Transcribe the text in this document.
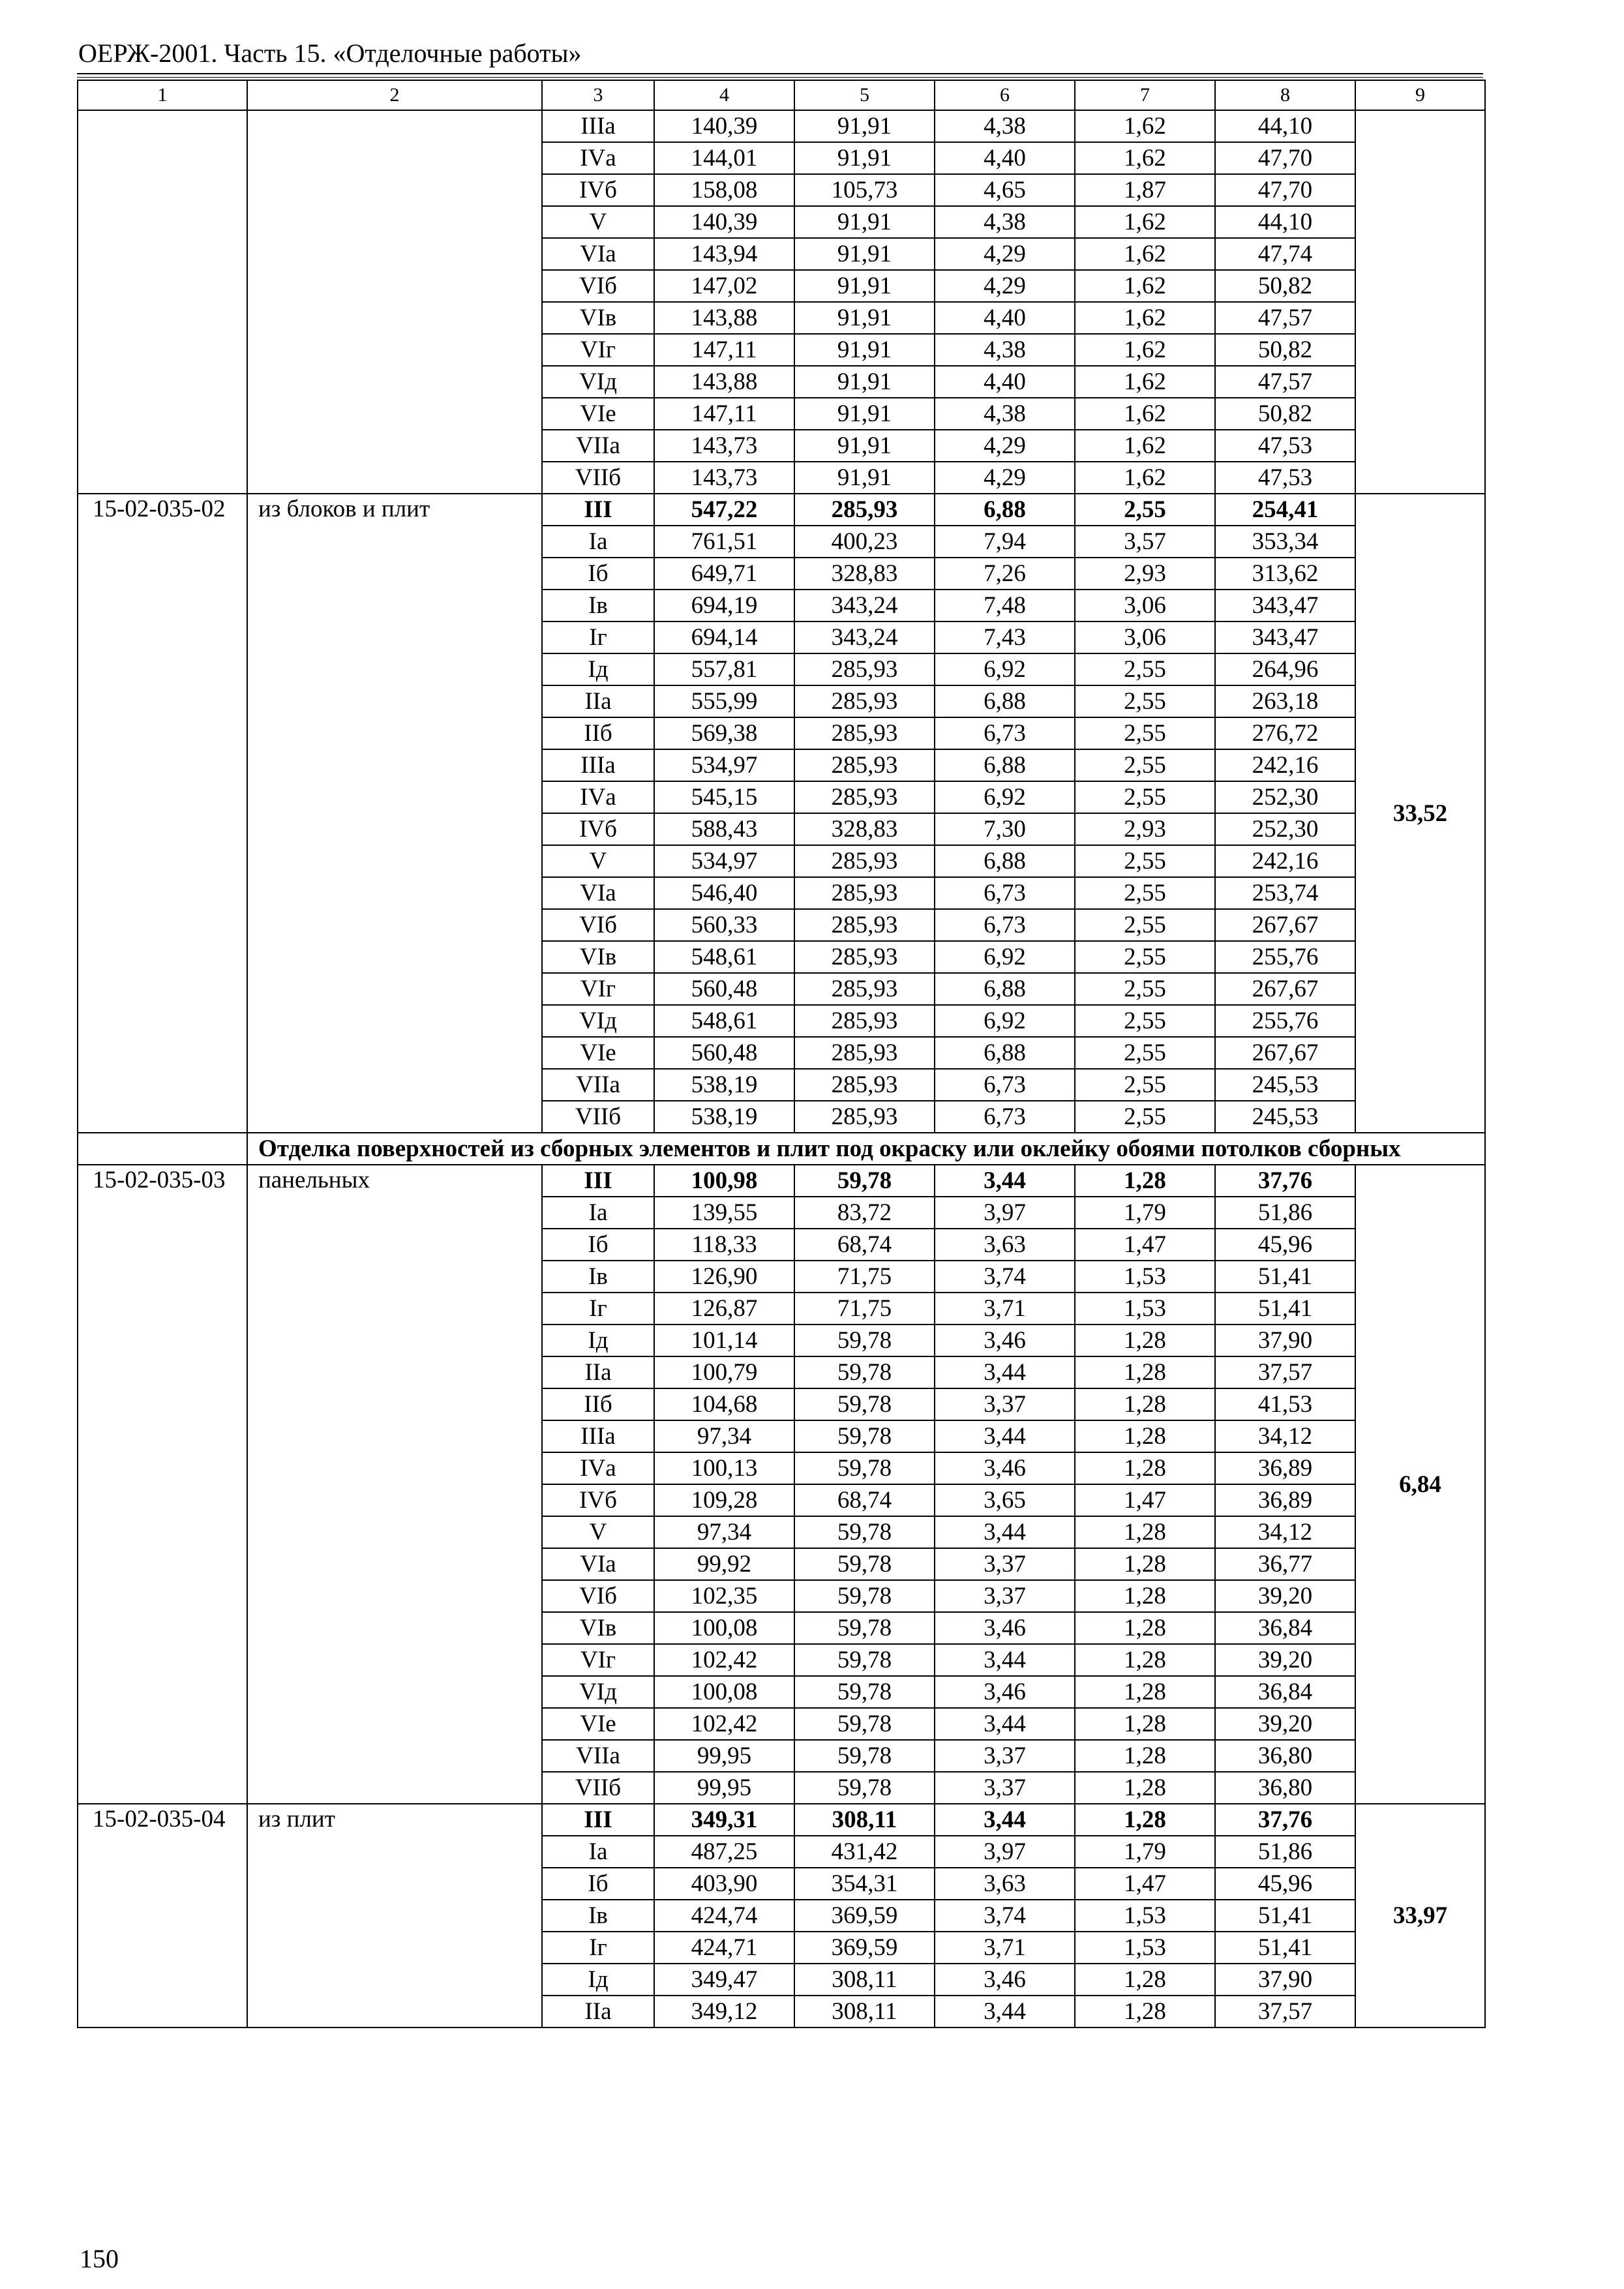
ОЕРЖ-2001. Часть 15. «Отделочные работы»
1	2	3	4	5	6	7	8	9
		IIIа	140,39	91,91	4,38	1,62	44,10	
		IVа	144,01	91,91	4,40	1,62	47,70	
		IVб	158,08	105,73	4,65	1,87	47,70	
		V	140,39	91,91	4,38	1,62	44,10	
		VIа	143,94	91,91	4,29	1,62	47,74	
		VIб	147,02	91,91	4,29	1,62	50,82	
		VIв	143,88	91,91	4,40	1,62	47,57	
		VIг	147,11	91,91	4,38	1,62	50,82	
		VIд	143,88	91,91	4,40	1,62	47,57	
		VIе	147,11	91,91	4,38	1,62	50,82	
		VIIа	143,73	91,91	4,29	1,62	47,53	
		VIIб	143,73	91,91	4,29	1,62	47,53	
15-02-035-02	из блоков и плит	III	547,22	285,93	6,88	2,55	254,41	33,52
		Iа	761,51	400,23	7,94	3,57	353,34	
		Iб	649,71	328,83	7,26	2,93	313,62	
		Iв	694,19	343,24	7,48	3,06	343,47	
		Iг	694,14	343,24	7,43	3,06	343,47	
		Iд	557,81	285,93	6,92	2,55	264,96	
		IIа	555,99	285,93	6,88	2,55	263,18	
		IIб	569,38	285,93	6,73	2,55	276,72	
		IIIа	534,97	285,93	6,88	2,55	242,16	
		IVа	545,15	285,93	6,92	2,55	252,30	
		IVб	588,43	328,83	7,30	2,93	252,30	
		V	534,97	285,93	6,88	2,55	242,16	
		VIа	546,40	285,93	6,73	2,55	253,74	
		VIб	560,33	285,93	6,73	2,55	267,67	
		VIв	548,61	285,93	6,92	2,55	255,76	
		VIг	560,48	285,93	6,88	2,55	267,67	
		VIд	548,61	285,93	6,92	2,55	255,76	
		VIе	560,48	285,93	6,88	2,55	267,67	
		VIIа	538,19	285,93	6,73	2,55	245,53	
		VIIб	538,19	285,93	6,73	2,55	245,53	
	Отделка поверхностей из сборных элементов и плит под окраску или оклейку обоями потолков сборных							
15-02-035-03	панельных	III	100,98	59,78	3,44	1,28	37,76	6,84
		Iа	139,55	83,72	3,97	1,79	51,86	
		Iб	118,33	68,74	3,63	1,47	45,96	
		Iв	126,90	71,75	3,74	1,53	51,41	
		Iг	126,87	71,75	3,71	1,53	51,41	
		Iд	101,14	59,78	3,46	1,28	37,90	
		IIа	100,79	59,78	3,44	1,28	37,57	
		IIб	104,68	59,78	3,37	1,28	41,53	
		IIIа	97,34	59,78	3,44	1,28	34,12	
		IVа	100,13	59,78	3,46	1,28	36,89	
		IVб	109,28	68,74	3,65	1,47	36,89	
		V	97,34	59,78	3,44	1,28	34,12	
		VIа	99,92	59,78	3,37	1,28	36,77	
		VIб	102,35	59,78	3,37	1,28	39,20	
		VIв	100,08	59,78	3,46	1,28	36,84	
		VIг	102,42	59,78	3,44	1,28	39,20	
		VIд	100,08	59,78	3,46	1,28	36,84	
		VIе	102,42	59,78	3,44	1,28	39,20	
		VIIа	99,95	59,78	3,37	1,28	36,80	
		VIIб	99,95	59,78	3,37	1,28	36,80	
15-02-035-04	из плит	III	349,31	308,11	3,44	1,28	37,76	33,97
		Iа	487,25	431,42	3,97	1,79	51,86	
		Iб	403,90	354,31	3,63	1,47	45,96	
		Iв	424,74	369,59	3,74	1,53	51,41	
		Iг	424,71	369,59	3,71	1,53	51,41	
		Iд	349,47	308,11	3,46	1,28	37,90	
		IIа	349,12	308,11	3,44	1,28	37,57	
150
